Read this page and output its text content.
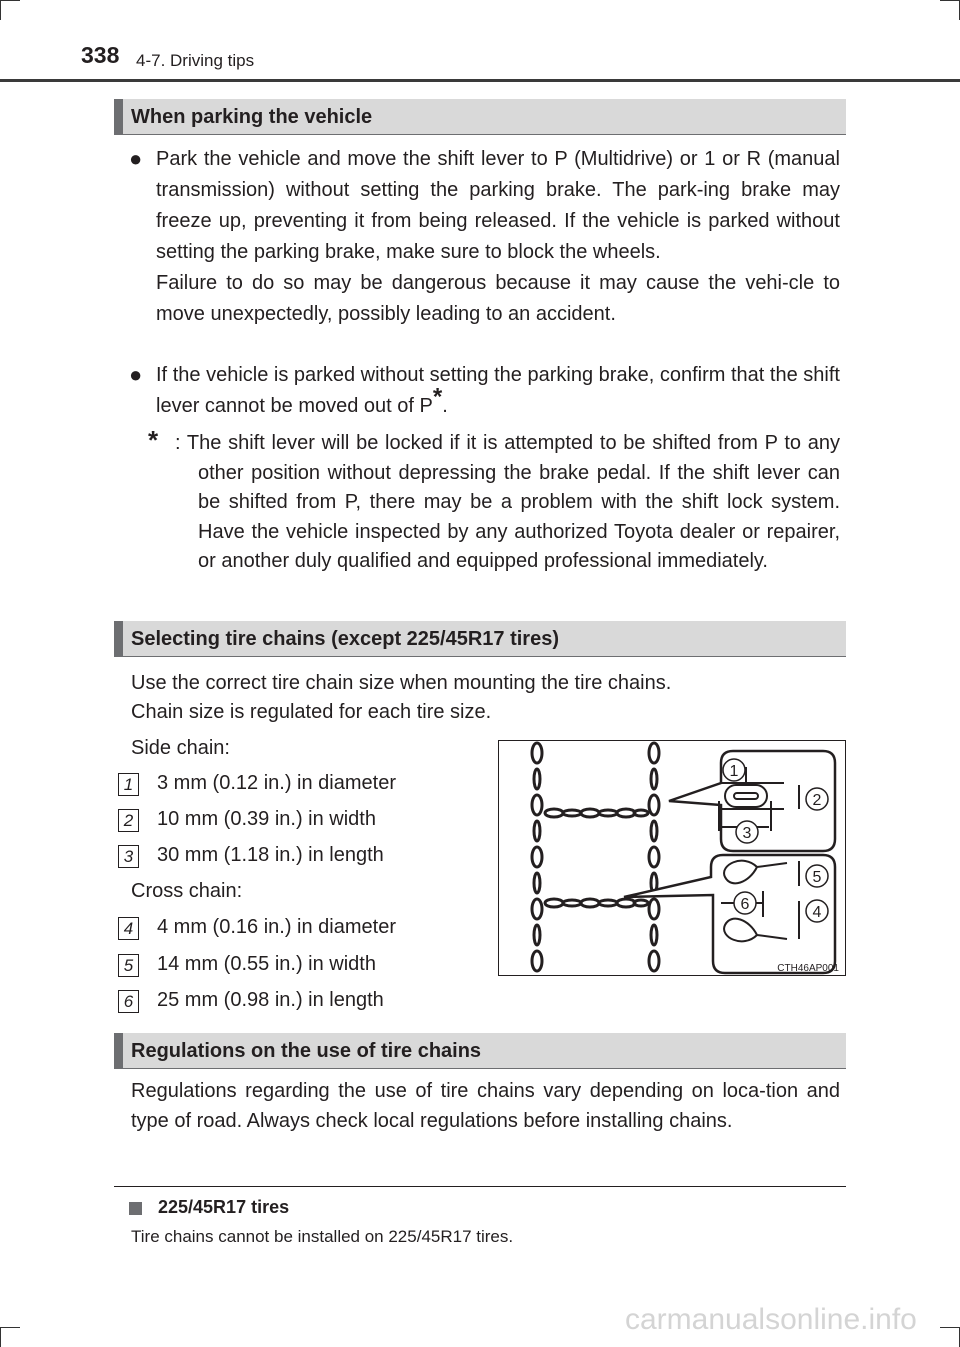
338 4-7. Driving tips
When parking the vehicle
● Park the vehicle and move the shift lever to P (Multidrive) or 1 or R (manual transmission) without setting the parking brake. The park-ing brake may freeze up, preventing it from being released. If the vehicle is parked without setting the parking brake, make sure to block the wheels.
Failure to do so may be dangerous because it may cause the vehi-cle to move unexpectedly, possibly leading to an accident.
● If the vehicle is parked without setting the parking brake, confirm that the shift lever cannot be moved out of P*.
* : The shift lever will be locked if it is attempted to be shifted from P to any other position without depressing the brake pedal. If the shift lever can be shifted from P, there may be a problem with the shift lock system. Have the vehicle inspected by any authorized Toyota dealer or repairer, or another duly qualified and equipped professional immediately.
Selecting tire chains (except 225/45R17 tires)
Use the correct tire chain size when mounting the tire chains.
Chain size is regulated for each tire size.
Side chain:
1 3 mm (0.12 in.) in diameter
2 10 mm (0.39 in.) in width
3 30 mm (1.18 in.) in length
Cross chain:
4 4 mm (0.16 in.) in diameter
5 14 mm (0.55 in.) in width
6 25 mm (0.98 in.) in length
1
2
3
5
6	4
CTH46AP001
Regulations on the use of tire chains
Regulations regarding the use of tire chains vary depending on loca-tion and type of road. Always check local regulations before installing chains.
225/45R17 tires
Tire chains cannot be installed on 225/45R17 tires.
carmanualsonline.info
